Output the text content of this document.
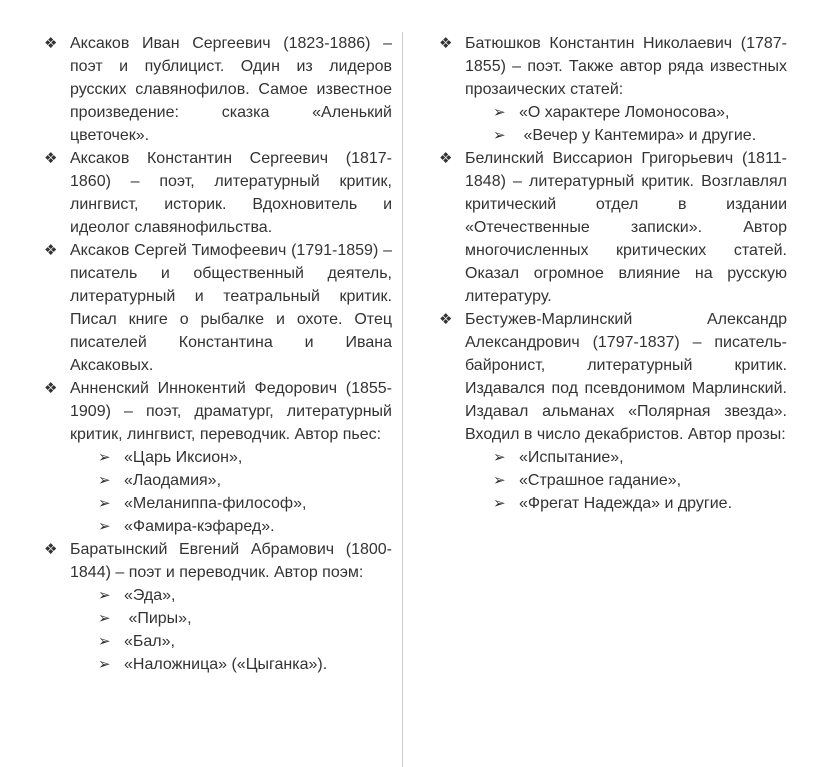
❖ Аксаков Иван Сергеевич (1823-1886) – поэт и публицист. Один из лидеров русских славянофилов. Самое известное произведение: сказка «Аленький цветочек».
❖ Аксаков Константин Сергеевич (1817-1860) – поэт, литературный критик, лингвист, историк. Вдохновитель и идеолог славянофильства.
❖ Аксаков Сергей Тимофеевич (1791-1859) – писатель и общественный деятель, литературный и театральный критик. Писал книге о рыбалке и охоте. Отец писателей Константина и Ивана Аксаковых.
❖ Анненский Иннокентий Федорович (1855-1909) – поэт, драматург, литературный критик, лингвист, переводчик. Автор пьес:
➢ «Царь Иксион»,
➢ «Лаодамия»,
➢ «Меланиппа-философ»,
➢ «Фамира-кэфаред».
❖ Баратынский Евгений Абрамович (1800-1844) – поэт и переводчик. Автор поэм:
➢ «Эда»,
➢ «Пиры»,
➢ «Бал»,
➢ «Наложница» («Цыганка»).
❖ Батюшков Константин Николаевич (1787-1855) – поэт. Также автор ряда известных прозаических статей:
➢ «О характере Ломоносова»,
➢ «Вечер у Кантемира» и другие.
❖ Белинский Виссарион Григорьевич (1811-1848) – литературный критик. Возглавлял критический отдел в издании «Отечественные записки». Автор многочисленных критических статей. Оказал огромное влияние на русскую литературу.
❖ Бестужев-Марлинский Александр Александрович (1797-1837) – писатель-байронист, литературный критик. Издавался под псевдонимом Марлинский. Издавал альманах «Полярная звезда». Входил в число декабристов. Автор прозы:
➢ «Испытание»,
➢ «Страшное гадание»,
➢ «Фрегат Надежда» и другие.
